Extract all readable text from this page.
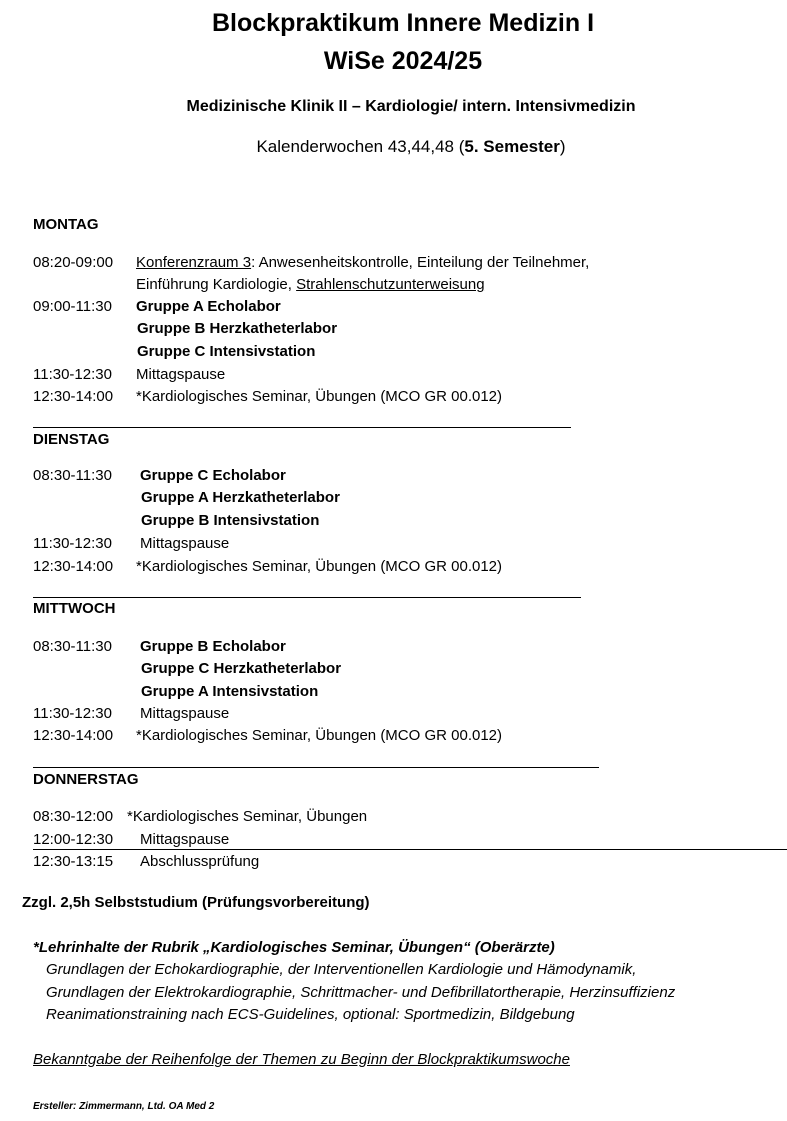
Blockpraktikum Innere Medizin I
WiSe 2024/25
Medizinische Klinik II – Kardiologie/ intern. Intensivmedizin
Kalenderwochen 43,44,48 (5. Semester)
MONTAG
08:20-09:00 Konferenzraum 3: Anwesenheitskontrolle, Einteilung der Teilnehmer,
Einführung Kardiologie, Strahlenschutzunterweisung
09:00-11:30 Gruppe A Echolabor
Gruppe B Herzkatheterlabor
Gruppe C Intensivstation
11:30-12:30 Mittagspause
12:30-14:00 *Kardiologisches Seminar, Übungen (MCO GR 00.012)
DIENSTAG
08:30-11:30 Gruppe C Echolabor
Gruppe A Herzkatheterlabor
Gruppe B Intensivstation
11:30-12:30 Mittagspause
12:30-14:00 *Kardiologisches Seminar, Übungen (MCO GR 00.012)
MITTWOCH
08:30-11:30 Gruppe B Echolabor
Gruppe C Herzkatheterlabor
Gruppe A Intensivstation
11:30-12:30 Mittagspause
12:30-14:00 *Kardiologisches Seminar, Übungen (MCO GR 00.012)
DONNERSTAG
08:30-12:00 *Kardiologisches Seminar, Übungen
12:00-12:30 Mittagspause
12:30-13:15 Abschlussprüfung
Zzgl. 2,5h Selbststudium (Prüfungsvorbereitung)
*Lehrinhalte der Rubrik „Kardiologisches Seminar, Übungen“ (Oberärzte)
Grundlagen der Echokardiographie, der Interventionellen Kardiologie und Hämodynamik,
Grundlagen der Elektrokardiographie, Schrittmacher- und Defibrillatortherapie, Herzinsuffizienz
Reanimationstraining nach ECS-Guidelines, optional: Sportmedizin, Bildgebung
Bekanntgabe der Reihenfolge der Themen zu Beginn der Blockpraktikumswoche
Ersteller: Zimmermann, Ltd. OA Med 2
